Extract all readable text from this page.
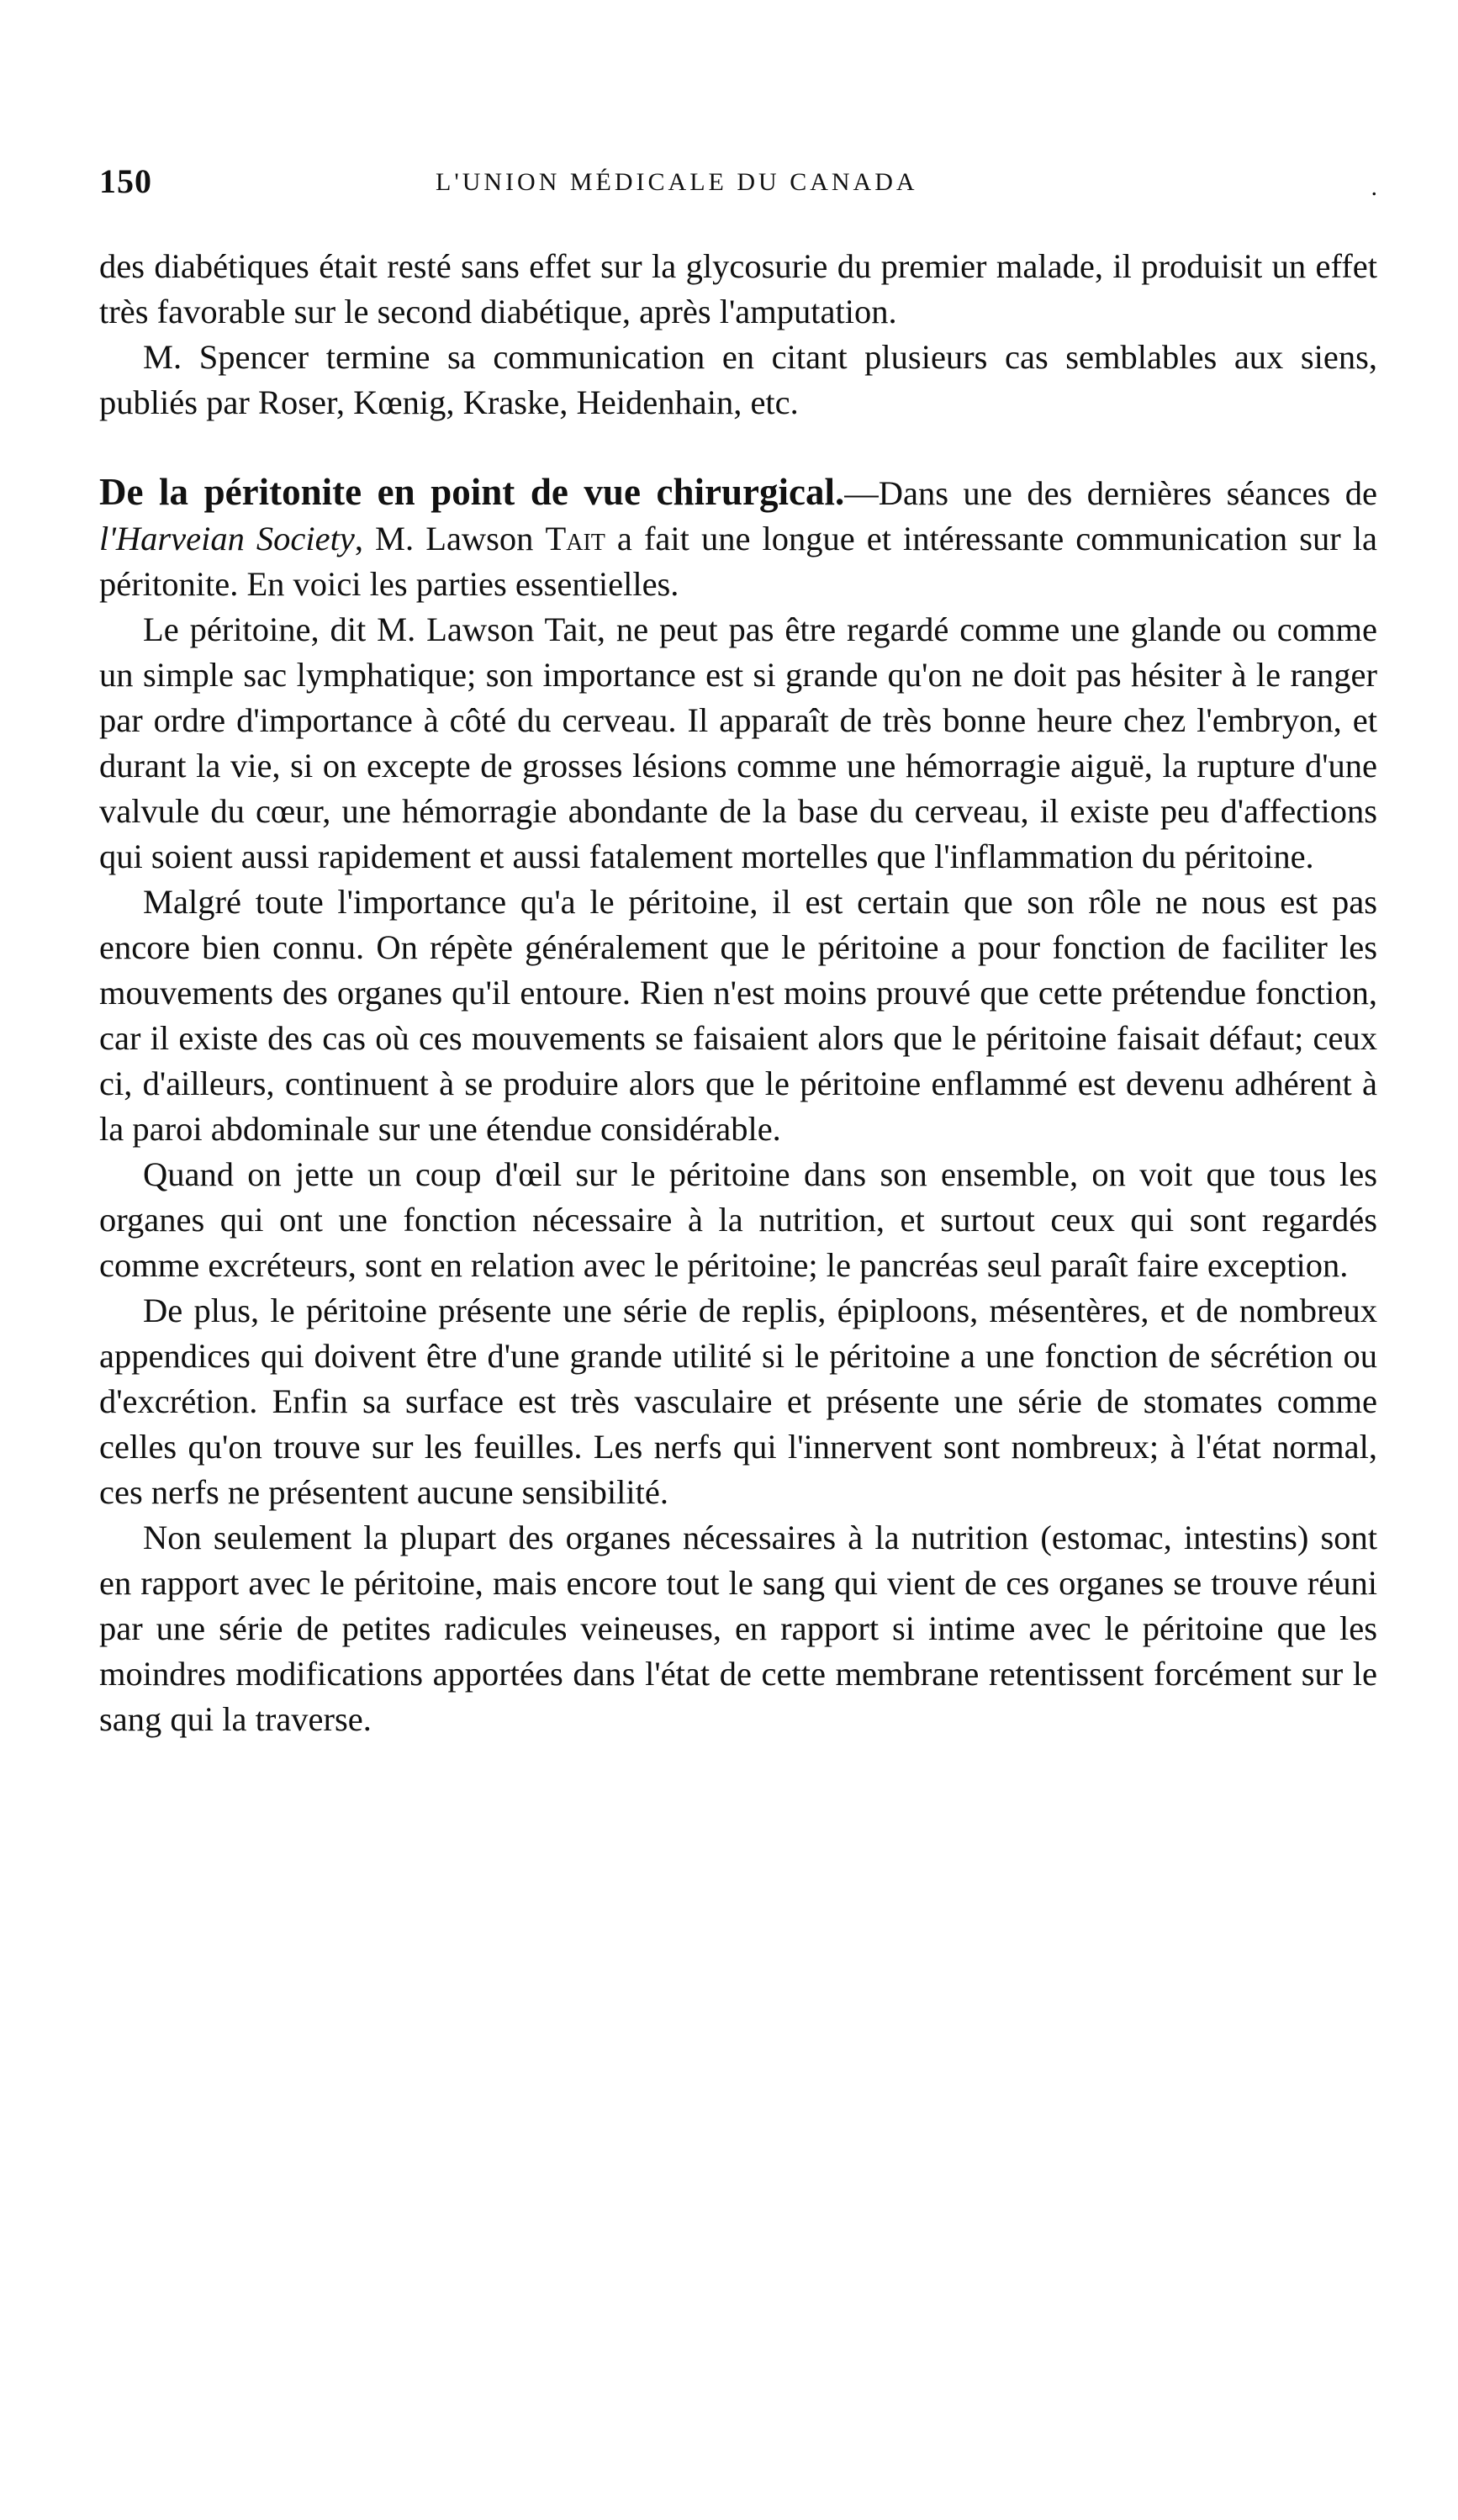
150	L'UNION MÉDICALE DU CANADA	.

des diabétiques était resté sans effet sur la glycosurie du premier malade, il produisit un effet très favorable sur le second diabétique, après l'amputation.

M. Spencer termine sa communication en citant plusieurs cas semblables aux siens, publiés par Roser, Kœnig, Kraske, Heidenhain, etc.

De la péritonite en point de vue chirurgical.—Dans une des dernières séances de l'Harveian Society, M. Lawson Tait a fait une longue et intéressante communication sur la péritonite. En voici les parties essentielles.

Le péritoine, dit M. Lawson Tait, ne peut pas être regardé comme une glande ou comme un simple sac lymphatique; son importance est si grande qu'on ne doit pas hésiter à le ranger par ordre d'importance à côté du cerveau. Il apparaît de très bonne heure chez l'embryon, et durant la vie, si on excepte de grosses lésions comme une hémorragie aiguë, la rupture d'une valvule du cœur, une hémorragie abondante de la base du cerveau, il existe peu d'affections qui soient aussi rapidement et aussi fatalement mortelles que l'inflammation du péritoine.

Malgré toute l'importance qu'a le péritoine, il est certain que son rôle ne nous est pas encore bien connu. On répète généralement que le péritoine a pour fonction de faciliter les mouvements des organes qu'il entoure. Rien n'est moins prouvé que cette prétendue fonction, car il existe des cas où ces mouvements se faisaient alors que le péritoine faisait défaut; ceux ci, d'ailleurs, continuent à se produire alors que le péritoine enflammé est devenu adhérent à la paroi abdominale sur une étendue considérable.

Quand on jette un coup d'œil sur le péritoine dans son ensemble, on voit que tous les organes qui ont une fonction nécessaire à la nutrition, et surtout ceux qui sont regardés comme excréteurs, sont en relation avec le péritoine; le pancréas seul paraît faire exception.

De plus, le péritoine présente une série de replis, épiploons, mésentères, et de nombreux appendices qui doivent être d'une grande utilité si le péritoine a une fonction de sécrétion ou d'excrétion. Enfin sa surface est très vasculaire et présente une série de stomates comme celles qu'on trouve sur les feuilles. Les nerfs qui l'innervent sont nombreux; à l'état normal, ces nerfs ne présentent aucune sensibilité.

Non seulement la plupart des organes nécessaires à la nutrition (estomac, intestins) sont en rapport avec le péritoine, mais encore tout le sang qui vient de ces organes se trouve réuni par une série de petites radicules veineuses, en rapport si intime avec le péritoine que les moindres modifications apportées dans l'état de cette membrane retentissent forcément sur le sang qui la traverse.
